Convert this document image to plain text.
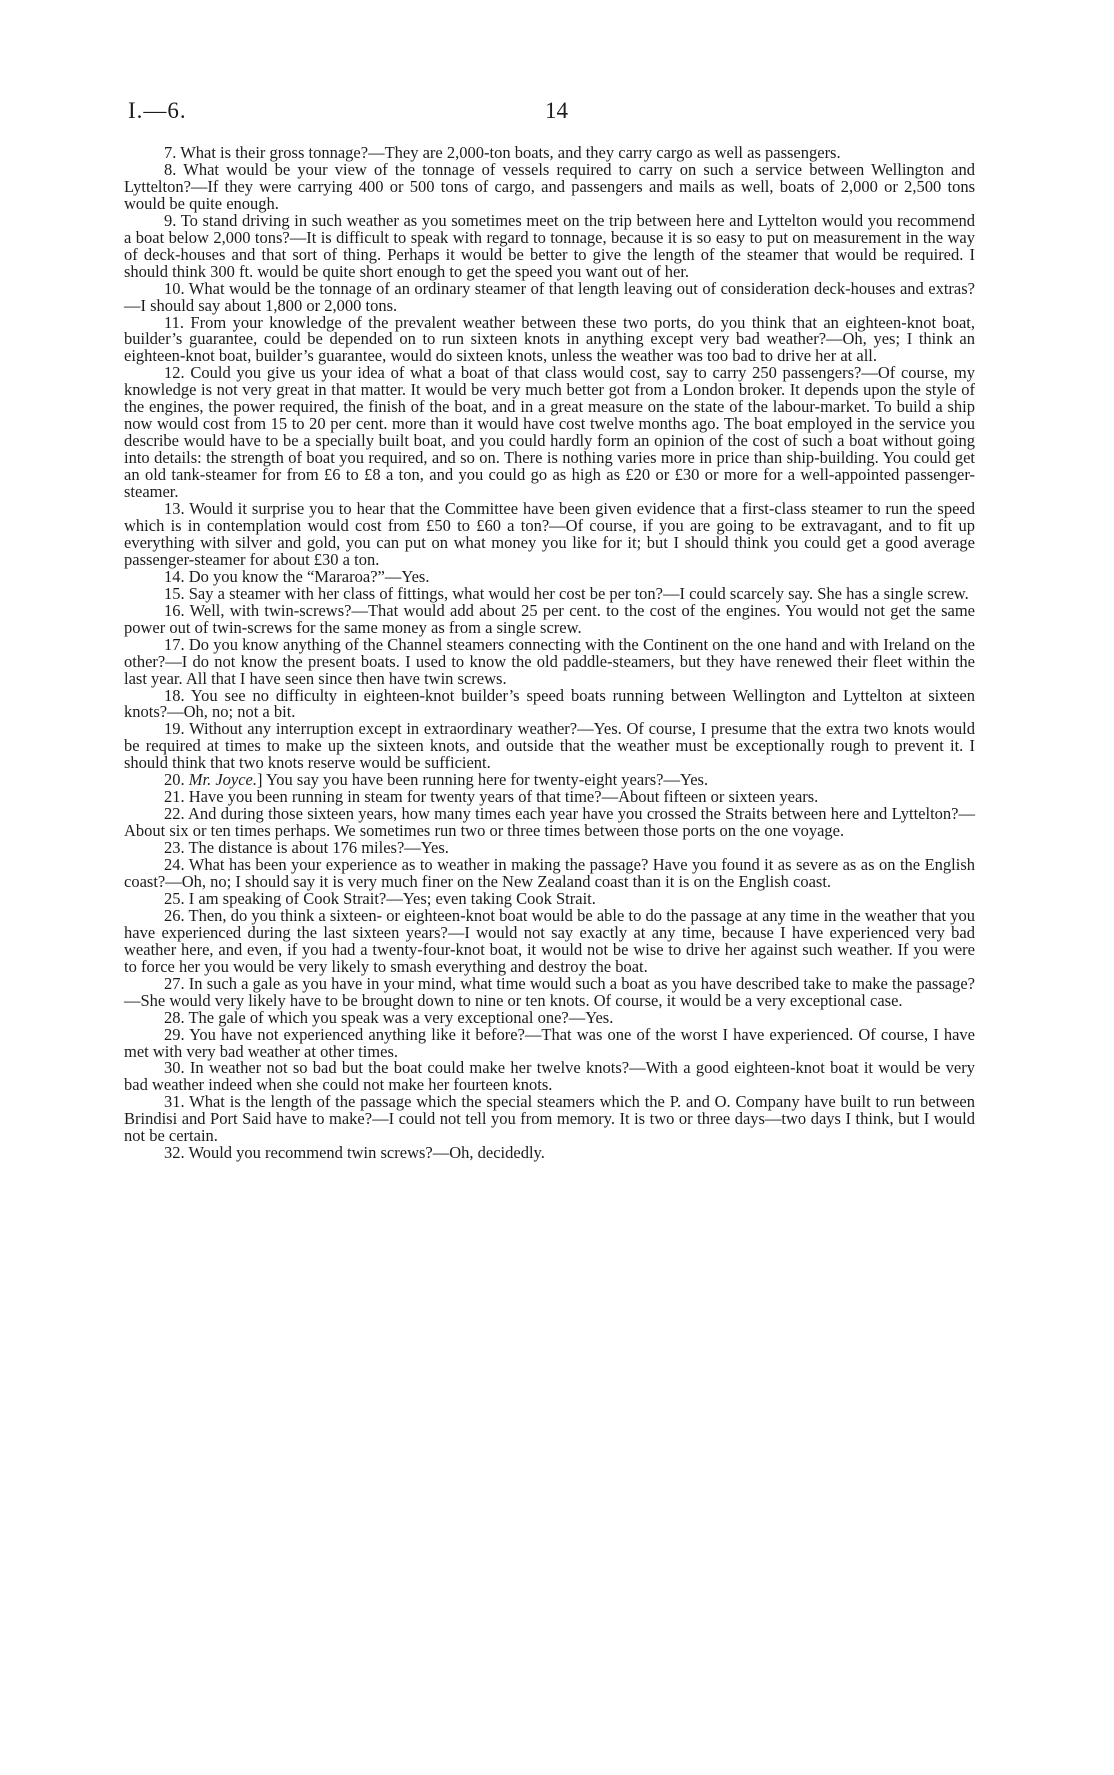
I.—6.	14

7. What is their gross tonnage?—They are 2,000-ton boats, and they carry cargo as well as passengers.

8. What would be your view of the tonnage of vessels required to carry on such a service between Wellington and Lyttelton?—If they were carrying 400 or 500 tons of cargo, and passengers and mails as well, boats of 2,000 or 2,500 tons would be quite enough.

9. To stand driving in such weather as you sometimes meet on the trip between here and Lyttelton would you recommend a boat below 2,000 tons?—It is difficult to speak with regard to tonnage, because it is so easy to put on measurement in the way of deck-houses and that sort of thing. Perhaps it would be better to give the length of the steamer that would be required. I should think 300 ft. would be quite short enough to get the speed you want out of her.

10. What would be the tonnage of an ordinary steamer of that length leaving out of consideration deck-houses and extras?—I should say about 1,800 or 2,000 tons.

11. From your knowledge of the prevalent weather between these two ports, do you think that an eighteen-knot boat, builder’s guarantee, could be depended on to run sixteen knots in anything except very bad weather?—Oh, yes; I think an eighteen-knot boat, builder’s guarantee, would do sixteen knots, unless the weather was too bad to drive her at all.

12. Could you give us your idea of what a boat of that class would cost, say to carry 250 passengers?—Of course, my knowledge is not very great in that matter. It would be very much better got from a London broker. It depends upon the style of the engines, the power required, the finish of the boat, and in a great measure on the state of the labour-market. To build a ship now would cost from 15 to 20 per cent. more than it would have cost twelve months ago. The boat employed in the service you describe would have to be a specially built boat, and you could hardly form an opinion of the cost of such a boat without going into details: the strength of boat you required, and so on. There is nothing varies more in price than ship-building. You could get an old tank-steamer for from £6 to £8 a ton, and you could go as high as £20 or £30 or more for a well-appointed passenger-steamer.

13. Would it surprise you to hear that the Committee have been given evidence that a first-class steamer to run the speed which is in contemplation would cost from £50 to £60 a ton?—Of course, if you are going to be extravagant, and to fit up everything with silver and gold, you can put on what money you like for it; but I should think you could get a good average passenger-steamer for about £30 a ton.

14. Do you know the “Mararoa?”—Yes.

15. Say a steamer with her class of fittings, what would her cost be per ton?—I could scarcely say. She has a single screw.

16. Well, with twin-screws?—That would add about 25 per cent. to the cost of the engines. You would not get the same power out of twin-screws for the same money as from a single screw.

17. Do you know anything of the Channel steamers connecting with the Continent on the one hand and with Ireland on the other?—I do not know the present boats. I used to know the old paddle-steamers, but they have renewed their fleet within the last year. All that I have seen since then have twin screws.

18. You see no difficulty in eighteen-knot builder’s speed boats running between Wellington and Lyttelton at sixteen knots?—Oh, no; not a bit.

19. Without any interruption except in extraordinary weather?—Yes. Of course, I presume that the extra two knots would be required at times to make up the sixteen knots, and outside that the weather must be exceptionally rough to prevent it. I should think that two knots reserve would be sufficient.

20. Mr. Joyce.] You say you have been running here for twenty-eight years?—Yes.

21. Have you been running in steam for twenty years of that time?—About fifteen or sixteen years.

22. And during those sixteen years, how many times each year have you crossed the Straits between here and Lyttelton?—About six or ten times perhaps. We sometimes run two or three times between those ports on the one voyage.

23. The distance is about 176 miles?—Yes.

24. What has been your experience as to weather in making the passage? Have you found it as severe as as on the English coast?—Oh, no; I should say it is very much finer on the New Zealand coast than it is on the English coast.

25. I am speaking of Cook Strait?—Yes; even taking Cook Strait.

26. Then, do you think a sixteen- or eighteen-knot boat would be able to do the passage at any time in the weather that you have experienced during the last sixteen years?—I would not say exactly at any time, because I have experienced very bad weather here, and even, if you had a twenty-four-knot boat, it would not be wise to drive her against such weather. If you were to force her you would be very likely to smash everything and destroy the boat.

27. In such a gale as you have in your mind, what time would such a boat as you have described take to make the passage?—She would very likely have to be brought down to nine or ten knots. Of course, it would be a very exceptional case.

28. The gale of which you speak was a very exceptional one?—Yes.

29. You have not experienced anything like it before?—That was one of the worst I have experienced. Of course, I have met with very bad weather at other times.

30. In weather not so bad but the boat could make her twelve knots?—With a good eighteen-knot boat it would be very bad weather indeed when she could not make her fourteen knots.

31. What is the length of the passage which the special steamers which the P. and O. Company have built to run between Brindisi and Port Said have to make?—I could not tell you from memory. It is two or three days—two days I think, but I would not be certain.

32. Would you recommend twin screws?—Oh, decidedly.
